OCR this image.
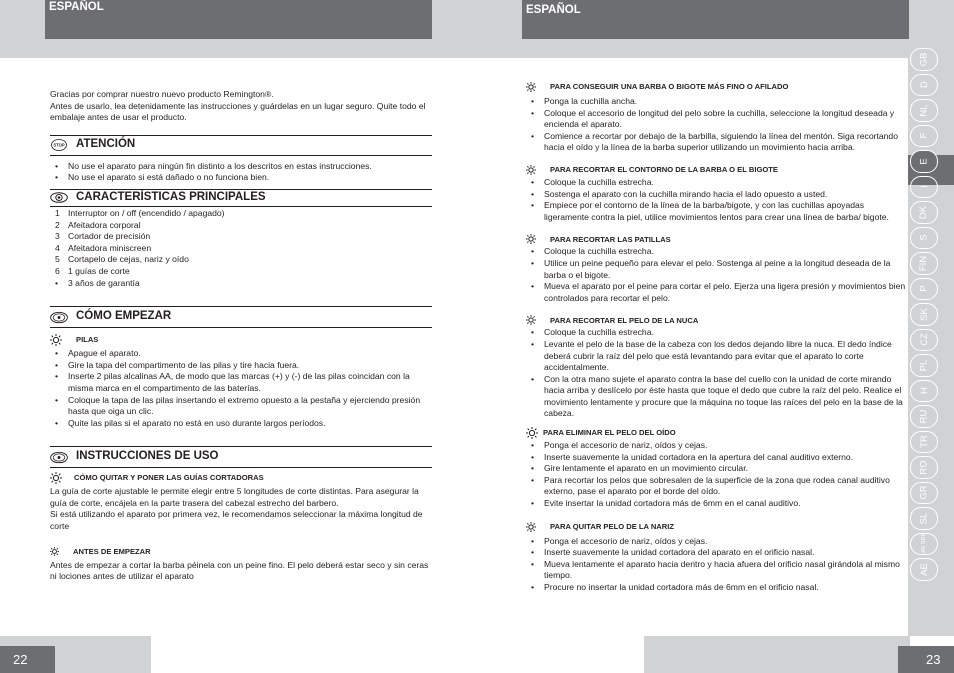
ESPAÑOL

Gracias por comprar nuestro nuevo producto Remington®.

Antes de usarlo, lea detenidamente las instrucciones y guárdelas en un lugar seguro. Quite todo el embalaje antes de usar el producto.

STOP ATENCIÓN
• No use el aparato para ningún fin distinto a los descritos en estas instrucciones.
• No use el aparato si está dañado o no funciona bien.
CARACTERÍSTICAS PRINCIPALES
1 Interruptor on / off (encendido / apagado)
2 Afeitadora corporal
3 Cortador de precisión
4 Afeitadora miniscreen
5 Cortapelo de cejas, nariz y oído
6 1 guías de corte
•	3 años de garantía
CÓMO EMPEZAR
PILAS
• Apague el aparato.
• Gire la tapa del compartimento de las pilas y tire hacia fuera.
• Inserte 2 pilas alcalinas AA, de modo que las marcas (+) y (-) de las pilas coincidan con la misma marca en el compartimento de las baterías.
• Coloque la tapa de las pilas insertando el extremo opuesto a la pestaña y ejerciendo presión hasta que oiga un clic.
• Quite las pilas si el aparato no está en uso durante largos períodos.
INSTRUCCIONES DE USO
CÓMO QUITAR Y PONER LAS GUÍAS CORTADORAS

La guía de corte ajustable le permite elegir entre 5 longitudes de corte distintas. Para asegurar la guía de corte, encájela en la parte trasera del cabezal estrecho del barbero.

Si está utilizando el aparato por primera vez, le recomendamos seleccionar la máxima longitud de corte

ANTES DE EMPEZAR

Antes de empezar a cortar la barba péinela con un peine fino. El pelo deberá estar seco y sin ceras ni lociones antes de utilizar el aparato

22
ESPAÑOL
PARA CONSEGUIR UNA BARBA O BIGOTE MÁS FINO O AFILADO
• Ponga la cuchilla ancha.
• Coloque el accesorio de longitud del pelo sobre la cuchilla, seleccione la longitud deseada y encienda el aparato.
• Comience a recortar por debajo de la barbilla, siguiendo la línea del mentón. Siga recortando hacia el oído y la línea de la barba superior utilizando un movimiento hacia arriba.
PARA RECORTAR EL CONTORNO DE LA BARBA O EL BIGOTE
• Coloque la cuchilla estrecha.
• Sostenga el aparato con la cuchilla mirando hacia el lado opuesto a usted.
• Empiece por el contorno de la línea de la barba/bigote, y con las cuchillas apoyadas ligeramente contra la piel, utilice movimientos lentos para crear una línea de barba/ bigote.
PARA RECORTAR LAS PATILLAS
• Coloque la cuchilla estrecha.
• Utilice un peine pequeño para elevar el pelo. Sostenga al peine a la longitud deseada de la barba o el bigote.
• Mueva el aparato por el peine para cortar el pelo. Ejerza una ligera presión y movimientos bien controlados para recortar el pelo.
PARA RECORTAR EL PELO DE LA NUCA
• Coloque la cuchilla estrecha.
• Levante el pelo de la base de la cabeza con los dedos dejando libre la nuca. El dedo índice deberá cubrir la raíz del pelo que está levantando para evitar que el aparato lo corte accidentalmente.
• Con la otra mano sujete el aparato contra la base del cuello con la unidad de corte mirando hacia arriba y deslícelo por éste hasta que toque el dedo que cubre la raíz del pelo. Realice el movimiento lentamente y procure que la máquina no toque las raíces del pelo en la base de la cabeza.
PARA ELIMINAR EL PELO DEL OÍDO
• Ponga el accesorio de nariz, oídos y cejas.
• Inserte suavemente la unidad cortadora en la apertura del canal auditivo externo.
• Gire lentamente el aparato en un movimiento circular.
• Para recortar los pelos que sobresalen de la superficie de la zona que rodea canal auditivo externo, pase el aparato por el borde del oído.
• Evite insertar la unidad cortadora más de 6mm en el canal auditivo.
PARA QUITAR PELO DE LA NARIZ
• Ponga el accesorio de nariz, oídos y cejas.
• Inserte suavemente la unidad cortadora del aparato en el orificio nasal.
• Mueva lentamente el aparato hacia dentro y hacia afuera del orificio nasal girándola al mismo tiempo.
• Procure no insertar la unidad cortadora más de 6mm en el orificio nasal.
GB
D
NL
F
E
I
DK
S
FIN
P
SK
CZ
PL
H
RU
TR
RO
GR
SL
HR/ SRB
AE
23
